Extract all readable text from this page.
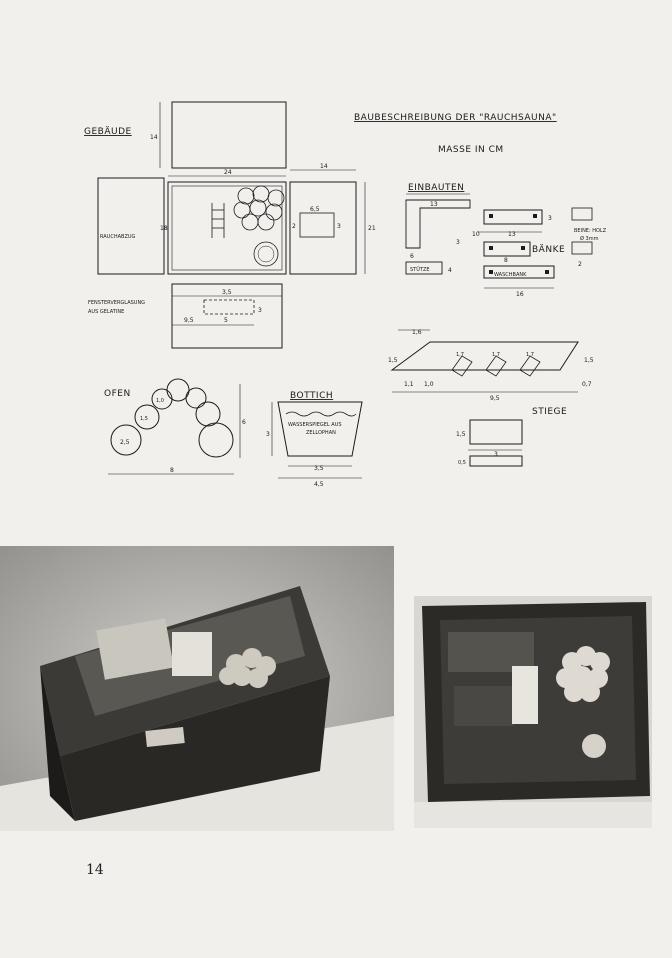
GEBÄUDE
BAUBESCHREIBUNG DER "RAUCHSAUNA"
MASSE IN CM
14
24
14
18	21
RAUCHABZUG
6,5
3
2
FENSTERVERGLASUNG
AUS GELATINE
3,5
9,5	5
3
EINBAUTEN
13
6
3
4
STÜTZE
10	13
3
8
BÄNKE
WASCHBANK
16
BEINE: HOLZ
Ø 3mm
2
1,6
1,5
1,7	1,7	1,7
1,1 1,0
9,5
0,7
1,5
STIEGE
1,5
3
0,5
OFEN
2,5
1,5
1,0
6
8
BOTTICH
WASSERSPIEGEL AUS
ZELLOPHAN
3
3,5
4,5
14
